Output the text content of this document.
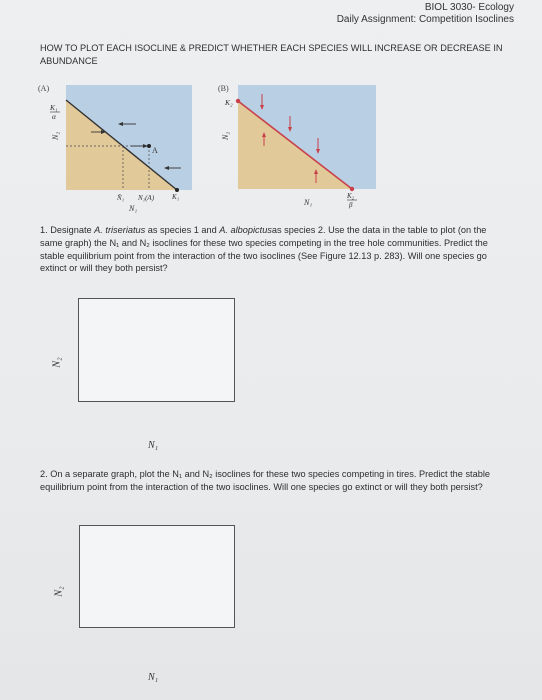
BIOL 3030- Ecology
Daily Assignment: Competition Isoclines
HOW TO PLOT EACH ISOCLINE & PREDICT WHETHER EACH SPECIES WILL INCREASE OR DECREASE IN ABUNDANCE
(A)
A
K₁
α
N₂
N̂₁ N₁(A)	K₁
N₁
(B)
K₂
N₂
N₁
K₂
β
1. Designate A. triseriatus as species 1 and A. albopictusas species 2. Use the data in the table to plot (on the same graph) the N₁ and N₂ isoclines for these two species competing in the tree hole communities. Predict the stable equilibrium point from the interaction of the two isoclines (See Figure 12.13 p. 283). Will one species go extinct or will they both persist?
N₂
N₁
2. On a separate graph, plot the N₁ and N₂ isoclines for these two species competing in tires. Predict the stable equilibrium point from the interaction of the two isoclines. Will one species go extinct or will they both persist?
N₂
N₁
